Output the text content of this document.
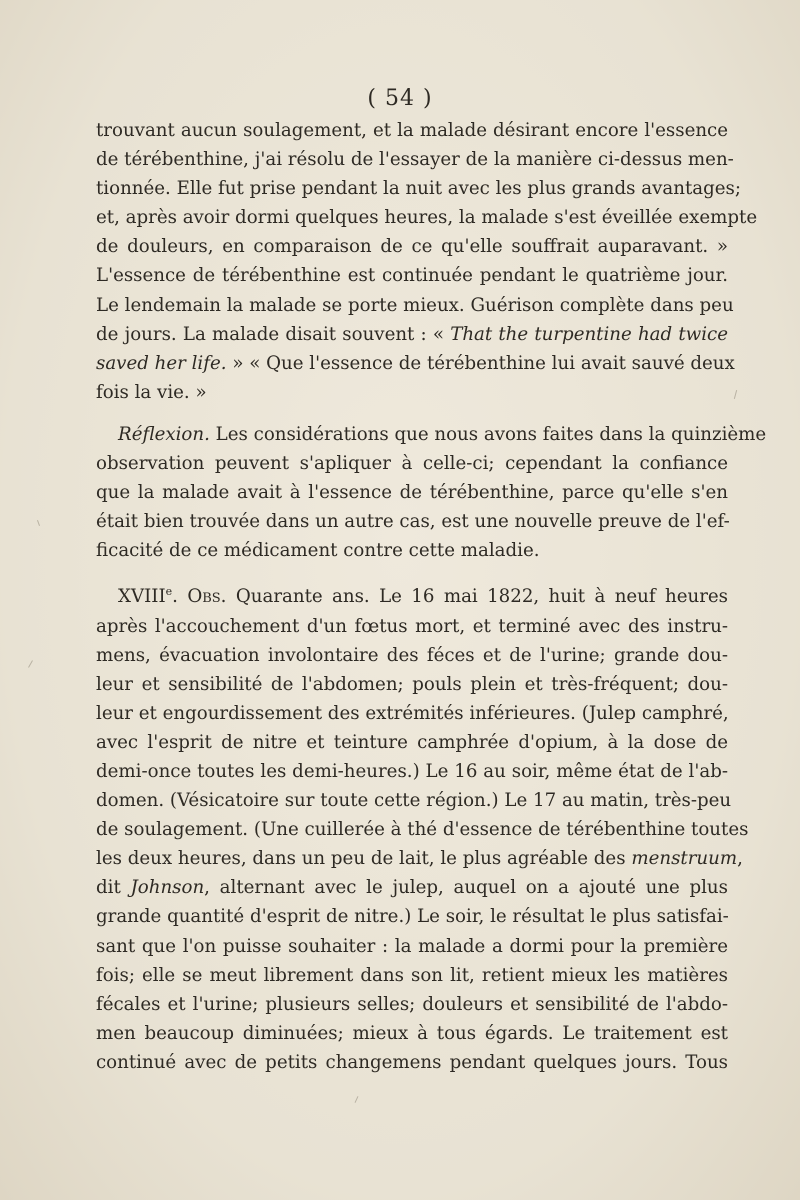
( 54 )
trouvant aucun soulagement, et la malade désirant encore l'essence
de térébenthine, j'ai résolu de l'essayer de la manière ci-dessus men-
tionnée. Elle fut prise pendant la nuit avec les plus grands avantages;
et, après avoir dormi quelques heures, la malade s'est éveillée exempte
de douleurs, en comparaison de ce qu'elle souffrait auparavant. »
L'essence de térébenthine est continuée pendant le quatrième jour.
Le lendemain la malade se porte mieux. Guérison complète dans peu
de jours. La malade disait souvent : « That the turpentine had twice
saved her life. » « Que l'essence de térébenthine lui avait sauvé deux
fois la vie. »
Réflexion. Les considérations que nous avons faites dans la quinzième
observation peuvent s'apliquer à celle-ci; cependant la confiance
que la malade avait à l'essence de térébenthine, parce qu'elle s'en
était bien trouvée dans un autre cas, est une nouvelle preuve de l'ef-
ficacité de ce médicament contre cette maladie.
XVIIIe. Obs. Quarante ans. Le 16 mai 1822, huit à neuf heures
après l'accouchement d'un fœtus mort, et terminé avec des instru-
mens, évacuation involontaire des féces et de l'urine; grande dou-
leur et sensibilité de l'abdomen; pouls plein et très-fréquent; dou-
leur et engourdissement des extrémités inférieures. (Julep camphré,
avec l'esprit de nitre et teinture camphrée d'opium, à la dose de
demi-once toutes les demi-heures.) Le 16 au soir, même état de l'ab-
domen. (Vésicatoire sur toute cette région.) Le 17 au matin, très-peu
de soulagement. (Une cuillerée à thé d'essence de térébenthine toutes
les deux heures, dans un peu de lait, le plus agréable des menstruum,
dit Johnson, alternant avec le julep, auquel on a ajouté une plus
grande quantité d'esprit de nitre.) Le soir, le résultat le plus satisfai-
sant que l'on puisse souhaiter : la malade a dormi pour la première
fois; elle se meut librement dans son lit, retient mieux les matières
fécales et l'urine; plusieurs selles; douleurs et sensibilité de l'abdo-
men beaucoup diminuées; mieux à tous égards. Le traitement est
continué avec de petits changemens pendant quelques jours. Tous
